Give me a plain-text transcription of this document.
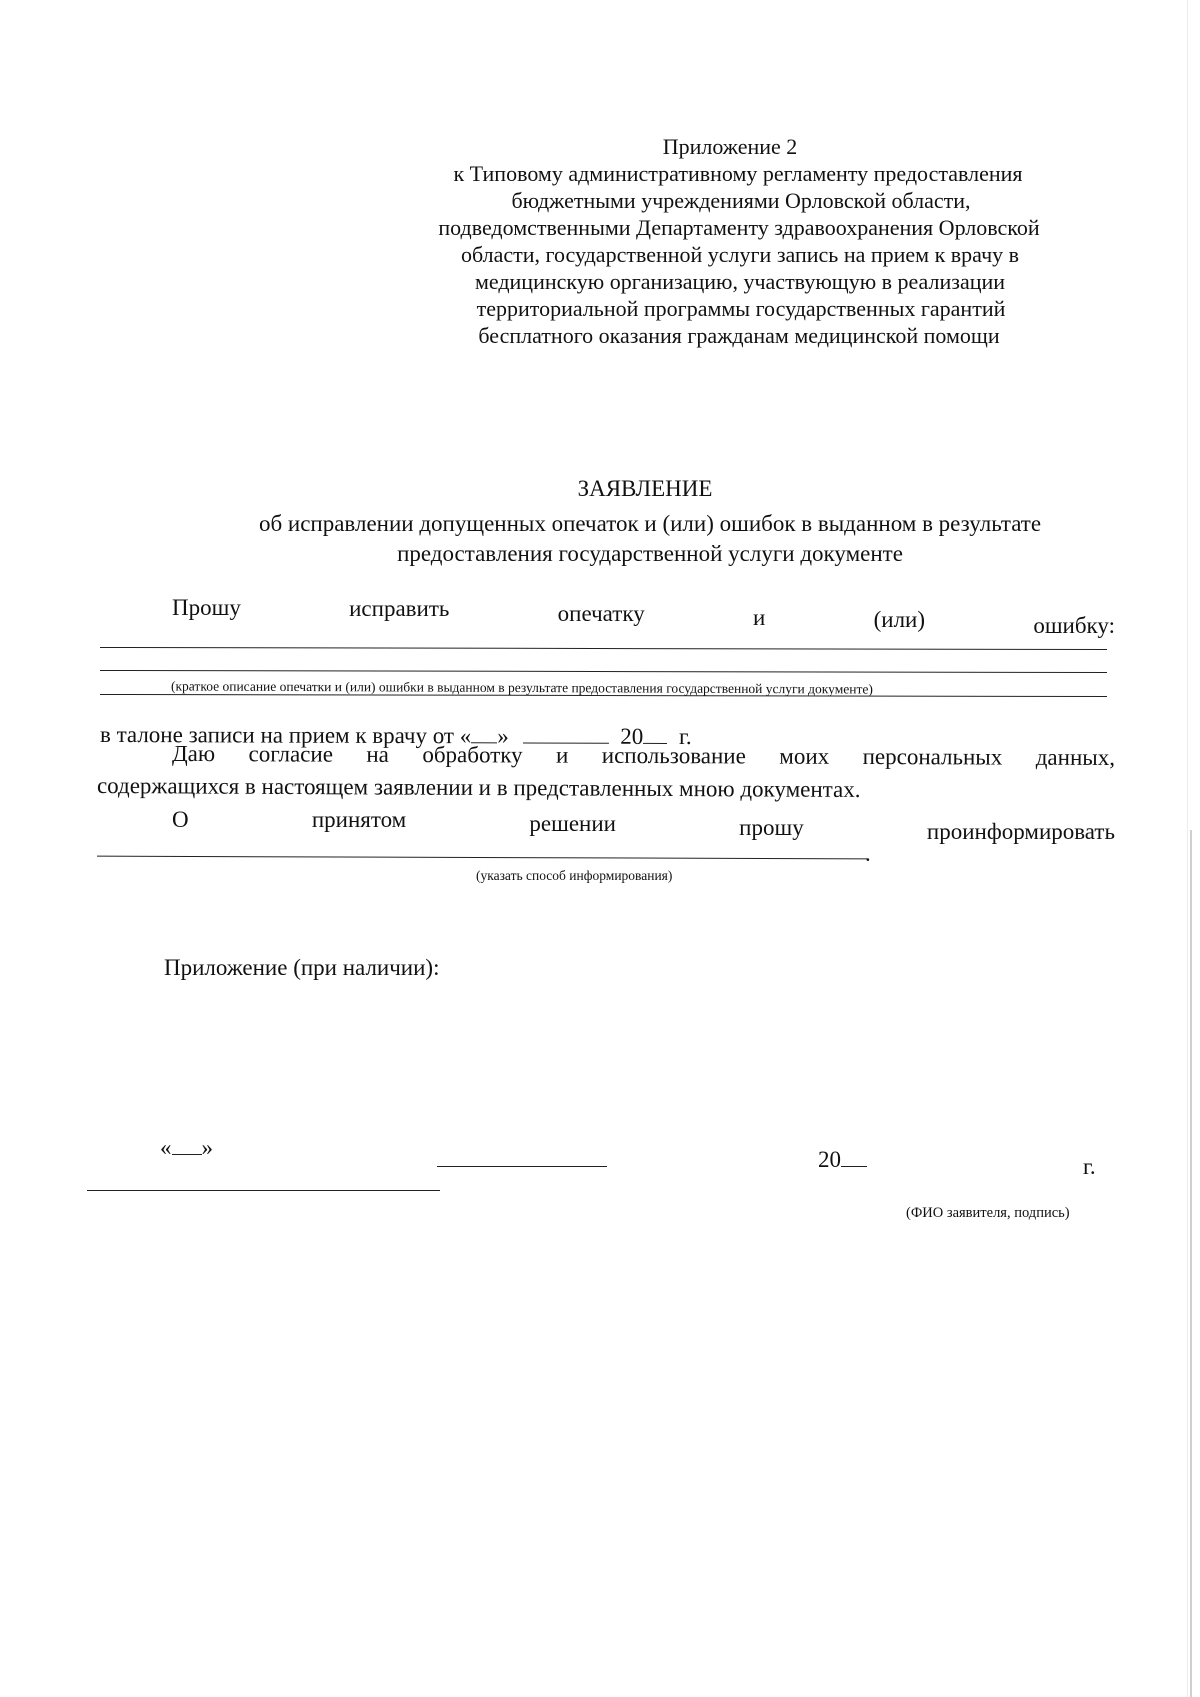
Приложение 2
к Типовому административному регламенту предоставления
бюджетными учреждениями Орловской области,
подведомственными Департаменту здравоохранения Орловской
области, государственной услуги запись на прием к врачу в
медицинскую организацию, участвующую в реализации
территориальной программы государственных гарантий
бесплатного оказания гражданам медицинской помощи
ЗАЯВЛЕНИЕ
об исправлении допущенных опечаток и (или) ошибок в выданном в результате
предоставления государственной услуги документе
Прошу	исправить	опечатку	и	(или)	ошибку:
(краткое описание опечатки и (или) ошибки в выданном в результате предоставления государственной услуги документе)
в талоне записи на прием к врачу от « »	20 г.
Даю согласие на обработку и использование моих персональных данных,
содержащихся в настоящем заявлении и в представленных мною документах.
О	принятом	решении	прошу	проинформировать
.
(указать способ информирования)
Приложение (при наличии):
« »	20	г.
(ФИО заявителя, подпись)
